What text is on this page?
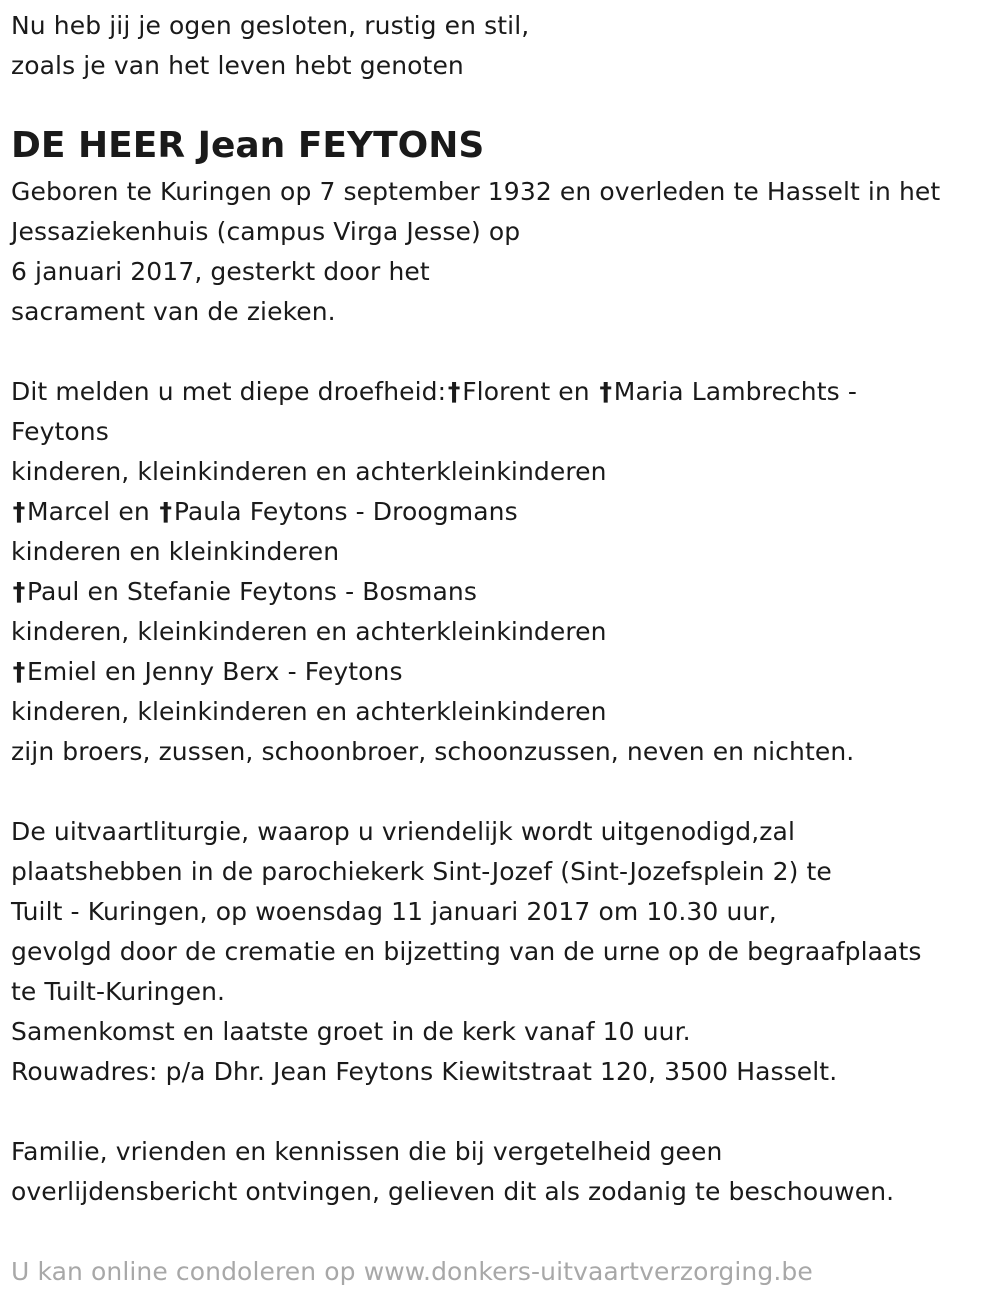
Nu heb jij je ogen gesloten, rustig en stil,
zoals je van het leven hebt genoten
DE HEER Jean FEYTONS
Geboren te Kuringen op 7 september 1932 en overleden te Hasselt in het
Jessaziekenhuis (campus Virga Jesse) op
6 januari 2017, gesterkt door het
sacrament van de zieken.
Dit melden u met diepe droefheid:†Florent en †Maria Lambrechts -
Feytons
kinderen, kleinkinderen en achterkleinkinderen
†Marcel en †Paula Feytons - Droogmans
kinderen en kleinkinderen
†Paul en Stefanie Feytons - Bosmans
kinderen, kleinkinderen en achterkleinkinderen
†Emiel en Jenny Berx - Feytons
kinderen, kleinkinderen en achterkleinkinderen
zijn broers, zussen, schoonbroer, schoonzussen, neven en nichten.
De uitvaartliturgie, waarop u vriendelijk wordt uitgenodigd,zal
plaatshebben in de parochiekerk Sint-Jozef (Sint-Jozefsplein 2) te
Tuilt - Kuringen, op woensdag 11 januari 2017 om 10.30 uur,
gevolgd door de crematie en bijzetting van de urne op de begraafplaats
te Tuilt-Kuringen.
Samenkomst en laatste groet in de kerk vanaf 10 uur.
Rouwadres: p/a Dhr. Jean Feytons Kiewitstraat 120, 3500 Hasselt.
Familie, vrienden en kennissen die bij vergetelheid geen
overlijdensbericht ontvingen, gelieven dit als zodanig te beschouwen.
U kan online condoleren op www.donkers-uitvaartverzorging.be
